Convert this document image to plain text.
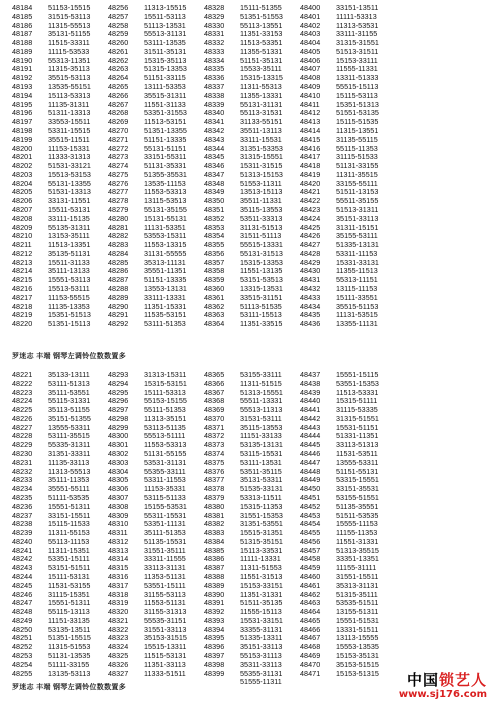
48184
48185
48186
48187
48188
48189
48190
48191
48192
48193
48194
48195
48196
48197
48198
48199
48200
48201
48202
48203
48204
48205
48206
48207
48208
48209
48210
48211
48212
48213
48214
48215
48216
48217
48218
48219
48220
51153-15515
31515-53113
11315-55513
35131-51155
11515-33311
11115-53533
55313-11351
11315-35113
35515-53113
13535-55151
15113-53313
11135-31311
51311-13313
33553-15511
53311-15515
35515-11511
11153-15331
11333-31313
51531-33121
15513-53153
55131-13355
51531-13313
33131-11551
15511-53131
33111-15135
55135-31311
13153-35111
11513-13351
35135-51131
15511-31133
35111-13133
15551-53113
15513-53111
11153-55515
11135-13353
15351-51513
51351-15113
48256
48257
48258
48259
48260
48261
48262
48263
48264
48265
48266
48267
48268
48269
48270
48271
48272
48273
48274
48275
48276
48277
48278
48279
48280
48281
48282
48283
48284
48285
48286
48287
48288
48289
48290
48291
48292
11313-15515
15511-53113
51113-13531
55513-31131
53111-13535
31511-35131
15315-35113
51315-13353
51151-33115
13111-53353
35515-31311
11551-31133
53351-31553
11513-53151
51351-13355
51151-13335
55131-51151
33151-55311
51131-35331
51355-35531
13535-11153
11553-53313
13115-53513
55131-35155
15131-55131
11131-53351
53553-15311
11553-13315
31131-55555
35313-11131
35551-11351
51151-13335
13553-13131
33111-13331
11351-15331
11535-53151
53111-51353
48328
48329
48330
48331
48332
48333
48334
48335
48336
48337
48338
48339
48340
48341
48342
48343
48344
48345
48346
48347
48348
48349
48350
48351
48352
48353
48354
48355
48356
48357
48358
48359
48360
48361
48362
48363
48364
15111-51355
51351-51553
55113-13551
11351-33153
11513-53351
11355-51331
51151-35131
15533-35111
15315-13315
11311-55313
11355-13331
55131-31131
55113-31531
31133-55151
35511-13113
33111-15531
31351-53353
31315-15551
15311-31515
51313-15153
51553-11311
13513-15113
35511-11331
35115-13553
53511-33313
31131-51513
31511-51113
55515-13331
55131-31513
15315-13353
11551-13135
53151-53513
13315-13531
33515-31151
51113-51535
53111-15513
11351-33515
48400
48401
48402
48403
48404
48405
48406
48407
48408
48409
48410
48411
48412
48413
48414
48415
48416
48417
48418
48419
48420
48421
48422
48423
48424
48425
48426
48427
48428
48429
48430
48431
48432
48433
48434
48435
48436
33151-13511
11111-53313
11313-53531
33111-31155
31315-31551
51513-31511
15153-33111
11555-11331
13311-51333
55515-15113
15115-53113
15351-51313
51551-53135
15115-51535
11315-13551
31135-55115
55115-11353
31115-51533
51131-33155
11311-35515
33155-55111
51511-13153
55511-35155
51513-31311
35151-33113
31311-15151
35155-53111
51335-13131
53311-11153
15331-33131
11355-11513
55313-11151
13115-11153
15111-33551
35515-51153
11131-53515
13355-11131
罗迷志 丰端 钢琴左调铃位数数置多
48221
48222
48223
48224
48225
48226
48227
48228
48229
48230
48231
48232
48233
48234
48235
48236
48237
48238
48239
48240
48241
48242
48243
48244
48245
48246
48247
48248
48249
48250
48251
48252
48253
48254
48255
35133-13111
53111-51313
35111-53551
55115-31331
35113-51155
35151-51355
13555-53311
53111-35515
55335-31311
31351-33311
11135-33113
11313-55513
35111-11353
35551-55111
51111-53535
15551-51311
33151-15511
15115-11533
11311-55153
55113-11153
11311-15351
53351-15111
53151-51511
15111-53131
11531-53155
31115-15351
15551-51311
55115-13113
11151-33135
53135-13511
51351-15515
11315-51553
51131-13535
51111-33155
13135-53113
48293
48294
48295
48296
48297
48298
48299
48300
48301
48302
48303
48304
48305
48306
48307
48308
48309
48310
48311
48312
48313
48314
48315
48316
48317
48318
48319
48320
48321
48322
48323
48324
48325
48326
48327
31313-15311
15315-53151
15111-53313
55153-15155
55111-51353
11313-35151
53113-51135
55513-51111
11553-53313
51131-55155
53531-31131
55355-33111
53311-11553
11153-35331
53115-51133
15155-53531
55311-15531
53351-11131
35111-51353
51135-15531
31551-35111
33311-11555
33113-31131
11353-51131
53551-15111
31155-53113
11553-51131
31155-31313
55535-31151
31551-33113
35153-31515
15515-13311
11515-53131
11351-33113
11333-51511
48365
48366
48367
48368
48369
48370
48371
48372
48373
48374
48375
48376
48377
48378
48379
48380
48381
48382
48383
48384
48385
48386
48387
48388
48389
48390
48391
48392
48393
48394
48395
48396
48397
48398
48399
53155-33111
11311-51515
51313-15551
55511-13331
55513-11313
31531-53111
35115-13553
11151-33133
53135-13131
53115-15531
53111-13531
53511-35115
35131-53311
51535-33131
53313-11511
15315-11353
31551-15353
31351-53551
15515-31351
51315-35151
15113-33531
11111-13331
11311-51553
11551-31513
15153-33151
11351-31331
51511-35135
11555-15113
15531-33151
33355-31131
51335-13311
35151-33113
55153-31113
35311-33113
55355-31131
51555-11311
48437
48438
48439
48440
48441
48442
48443
48444
48445
48446
48447
48448
48449
48450
48451
48452
48453
48454
48455
48456
48457
48458
48459
48460
48461
48462
48463
48464
48465
48466
48467
48468
48469
48470
48471
15551-15115
53551-15353
11513-53331
15315-51111
31115-53335
31315-51551
15531-51151
51331-11351
33113-51313
11531-53511
13555-53311
51151-55131
53315-15551
33151-35531
53155-51551
51135-35551
51511-53535
15555-11153
11155-11353
11551-31331
51313-35515
33351-13351
11155-31111
31551-15511
35313-31131
51315-35111
53535-51511
13155-51311
15551-51531
13331-51511
13113-15555
15553-13535
15153-35131
35153-51515
15153-51315
罗迷志 丰端 钢琴左调铃位数数置多	中国锁艺人
www.sj176.com
